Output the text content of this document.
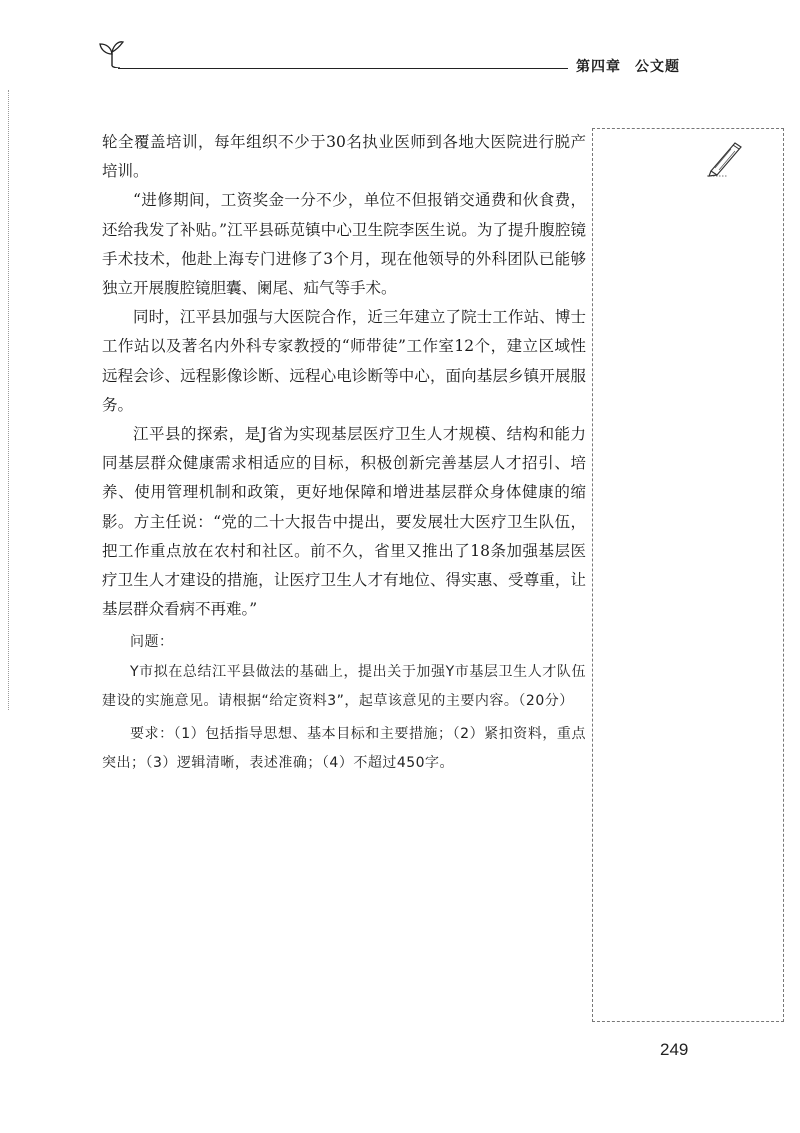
第四章 公文题

轮全覆盖培训，每年组织不少于30名执业医师到各地大医院进行脱产培训。

“进修期间，工资奖金一分不少，单位不但报销交通费和伙食费，还给我发了补贴。”江平县砾苋镇中心卫生院李医生说。为了提升腹腔镜手术技术，他赴上海专门进修了3个月，现在他领导的外科团队已能够独立开展腹腔镜胆囊、阑尾、疝气等手术。

同时，江平县加强与大医院合作，近三年建立了院士工作站、博士工作站以及著名内外科专家教授的“师带徒”工作室12个，建立区域性远程会诊、远程影像诊断、远程心电诊断等中心，面向基层乡镇开展服务。

江平县的探索，是J省为实现基层医疗卫生人才规模、结构和能力同基层群众健康需求相适应的目标，积极创新完善基层人才招引、培养、使用管理机制和政策，更好地保障和增进基层群众身体健康的缩影。方主任说：“党的二十大报告中提出，要发展壮大医疗卫生队伍，把工作重点放在农村和社区。前不久，省里又推出了18条加强基层医疗卫生人才建设的措施，让医疗卫生人才有地位、得实惠、受尊重，让基层群众看病不再难。”

问题：

Y市拟在总结江平县做法的基础上，提出关于加强Y市基层卫生人才队伍建设的实施意见。请根据“给定资料3”，起草该意见的主要内容。（20分）

要求：（1）包括指导思想、基本目标和主要措施；（2）紧扣资料，重点突出；（3）逻辑清晰，表述准确；（4）不超过450字。

249
